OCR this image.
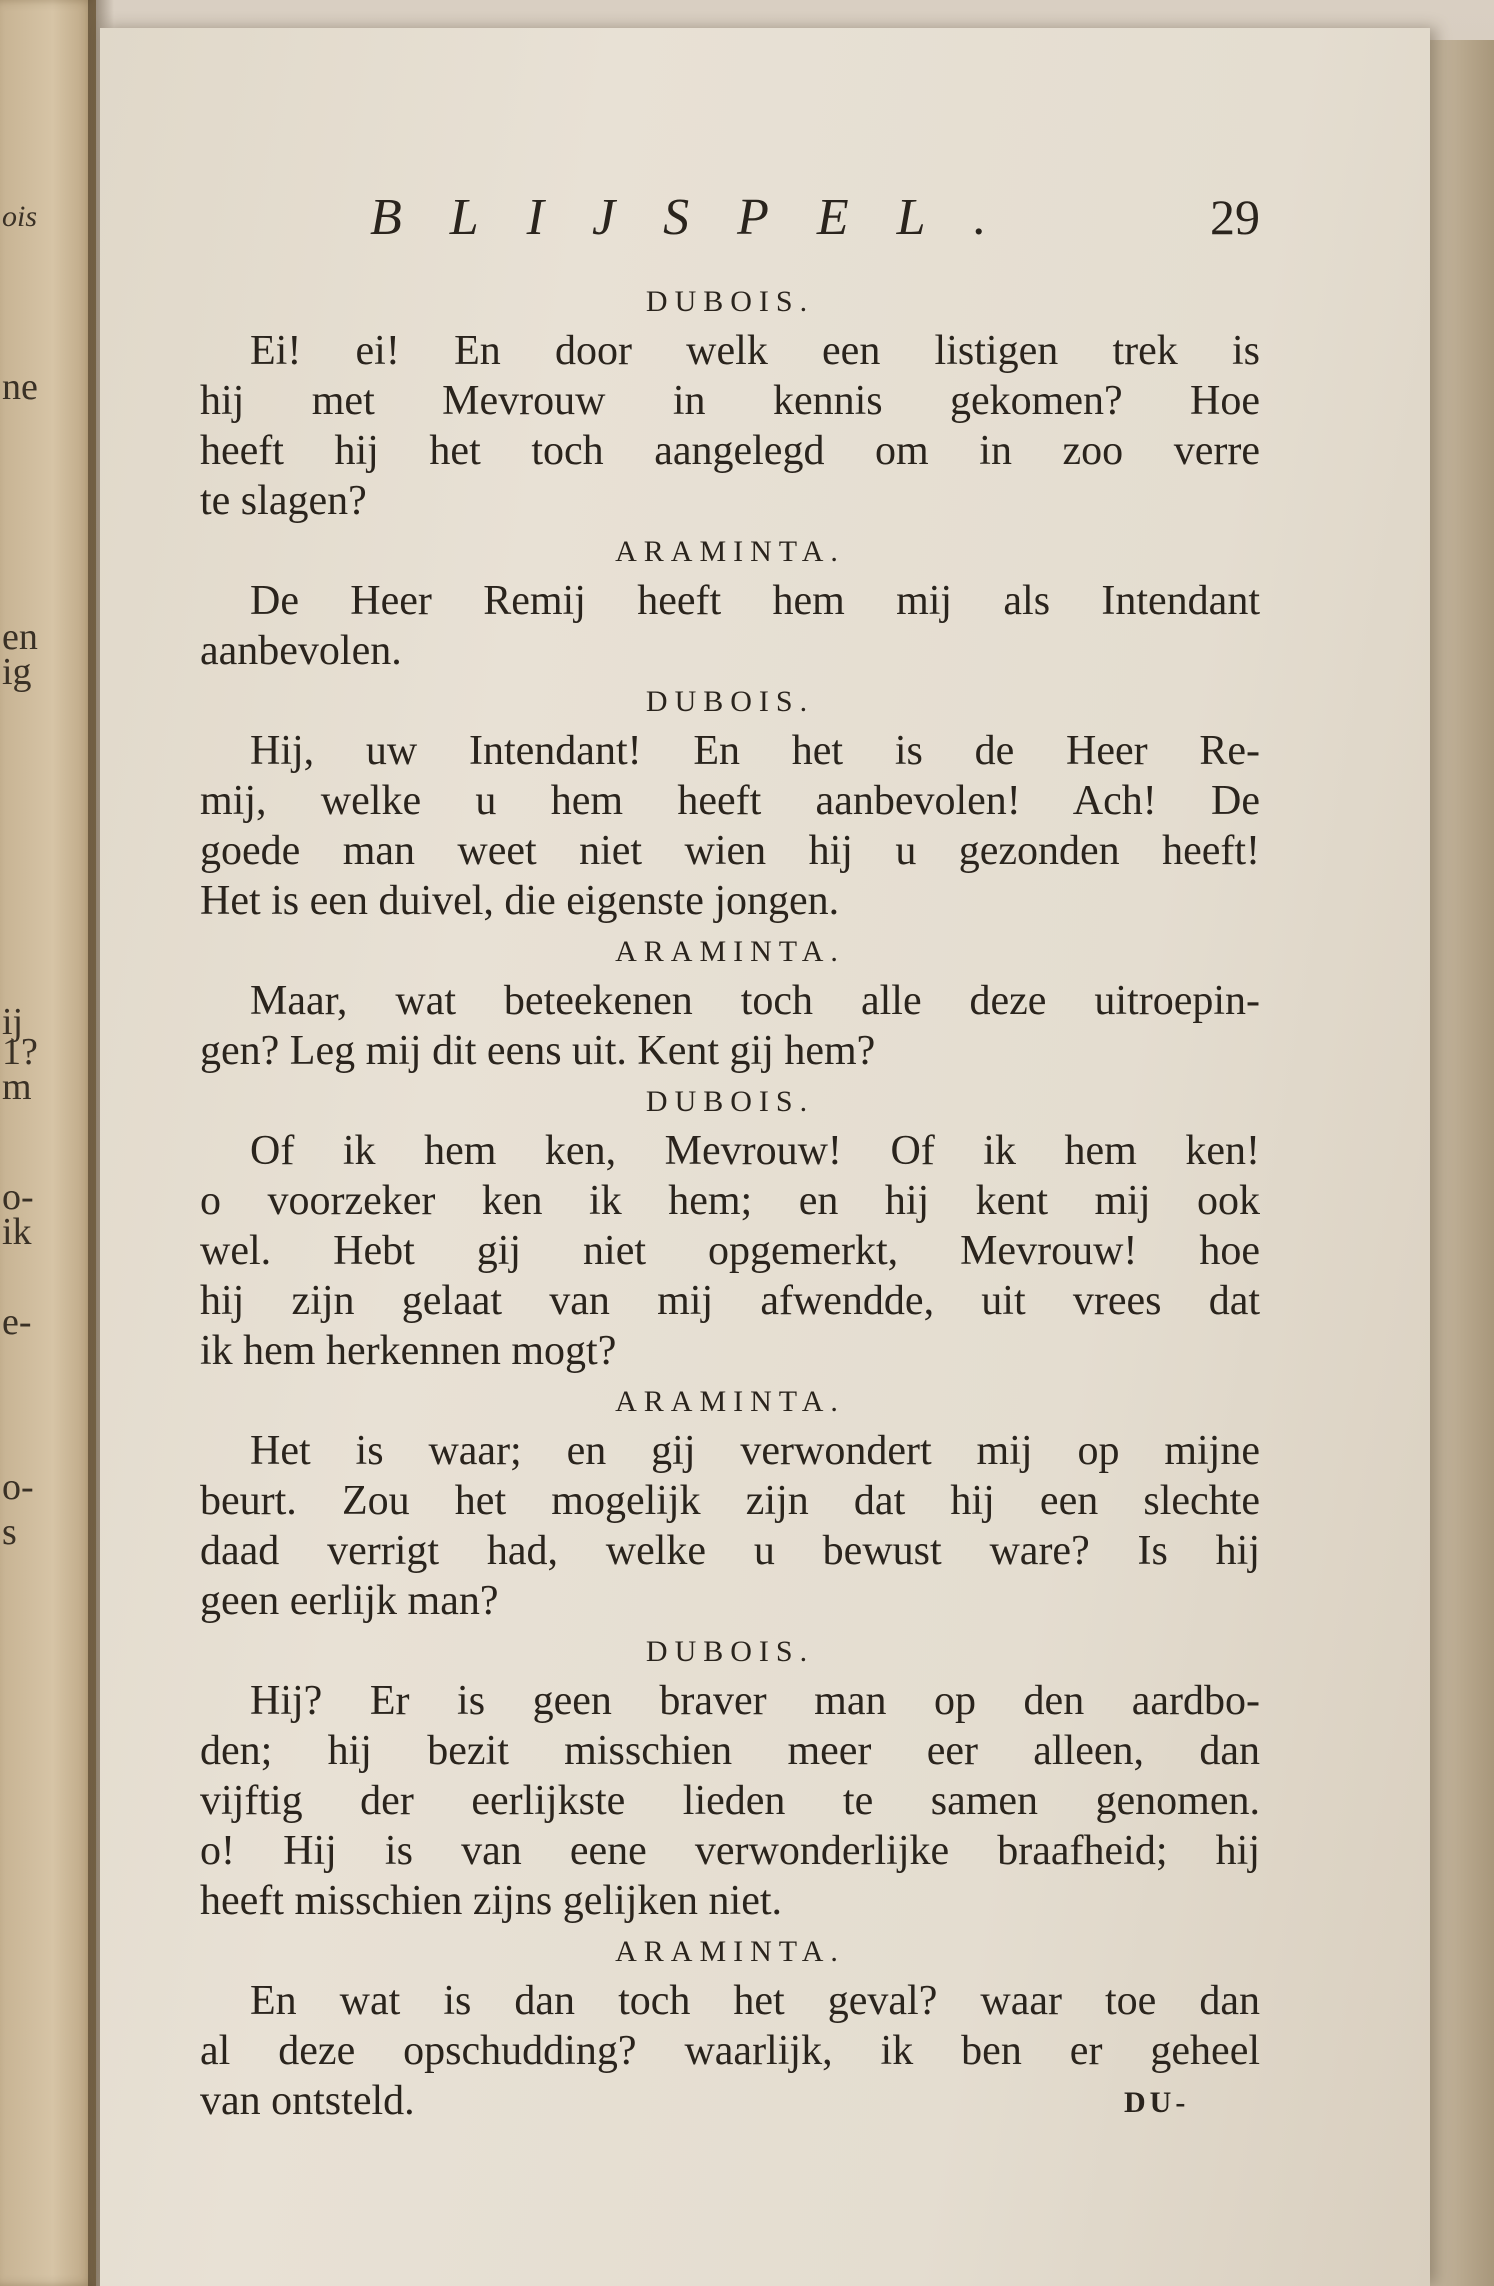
ois
ne
en
ig
ij
1?
m
o-
ik
e-
o-
s
BLIJSPEL.	29
DUBOIS.
Ei! ei! En door welk een listigen trek is
hij met Mevrouw in kennis gekomen? Hoe
heeft hij het toch aangelegd om in zoo verre
te slagen?
ARAMINTA.
De Heer Remij heeft hem mij als Intendant
aanbevolen.
DUBOIS.
Hij, uw Intendant! En het is de Heer Re-
mij, welke u hem heeft aanbevolen! Ach! De
goede man weet niet wien hij u gezonden heeft!
Het is een duivel, die eigenste jongen.
ARAMINTA.
Maar, wat beteekenen toch alle deze uitroepin-
gen? Leg mij dit eens uit. Kent gij hem?
DUBOIS.
Of ik hem ken, Mevrouw! Of ik hem ken!
o voorzeker ken ik hem; en hij kent mij ook
wel. Hebt gij niet opgemerkt, Mevrouw! hoe
hij zijn gelaat van mij afwendde, uit vrees dat
ik hem herkennen mogt?
ARAMINTA.
Het is waar; en gij verwondert mij op mijne
beurt. Zou het mogelijk zijn dat hij een slechte
daad verrigt had, welke u bewust ware? Is hij
geen eerlijk man?
DUBOIS.
Hij? Er is geen braver man op den aardbo-
den; hij bezit misschien meer eer alleen, dan
vijftig der eerlijkste lieden te samen genomen.
o! Hij is van eene verwonderlijke braafheid; hij
heeft misschien zijns gelijken niet.
ARAMINTA.
En wat is dan toch het geval? waar toe dan
al deze opschudding? waarlijk, ik ben er geheel
van ontsteld.	DU-
